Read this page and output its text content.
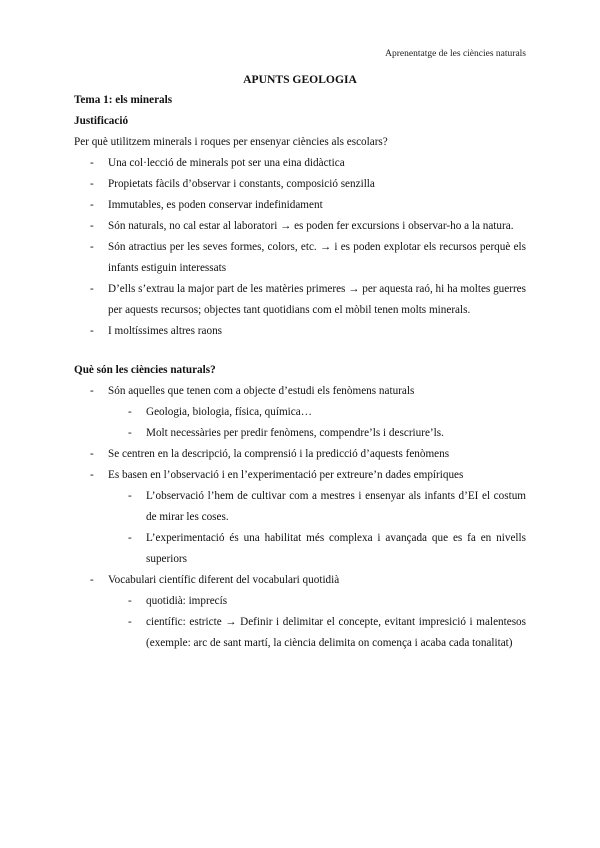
Aprenentatge de les ciències naturals

APUNTS GEOLOGIA

Tema 1: els minerals

Justificació

Per què utilitzem minerals i roques per ensenyar ciències als escolars?

- Una col·lecció de minerals pot ser una eina didàctica
- Propietats fàcils d’observar i constants, composició senzilla
- Immutables, es poden conservar indefinidament
- Són naturals, no cal estar al laboratori → es poden fer excursions i observar-ho a la natura.
- Són atractius per les seves formes, colors, etc. → i es poden explotar els recursos perquè els infants estiguin interessats
- D’ells s’extrau la major part de les matèries primeres → per aquesta raó, hi ha moltes guerres per aquests recursos; objectes tant quotidians com el mòbil tenen molts minerals.
- I moltíssimes altres raons

Què són les ciències naturals?

- Són aquelles que tenen com a objecte d’estudi els fenòmens naturals
- Geologia, biologia, física, química…
- Molt necessàries per predir fenòmens, compendre’ls i descriure’ls.
- Se centren en la descripció, la comprensió i la predicció d’aquests fenòmens
- Es basen en l’observació i en l’experimentació per extreure’n dades empíriques
- L’observació l’hem de cultivar com a mestres i ensenyar als infants d’EI el costum de mirar les coses.
- L’experimentació és una habilitat més complexa i avançada que es fa en nivells superiors
- Vocabulari científic diferent del vocabulari quotidià
- quotidià: imprecís
- científic: estricte → Definir i delimitar el concepte, evitant impresició i malentesos (exemple: arc de sant martí, la ciència delimita on comença i acaba cada tonalitat)
